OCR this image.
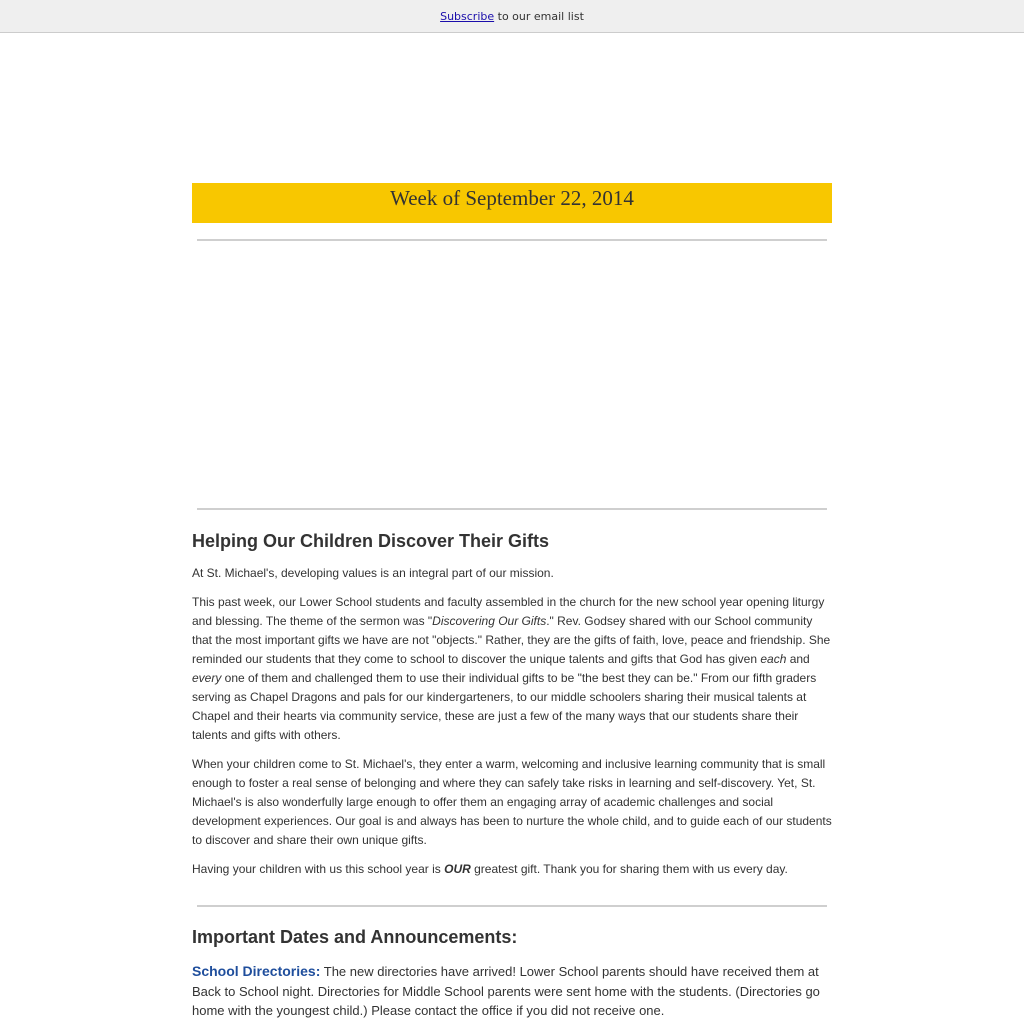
Subscribe to our email list
Week of September 22, 2014
Helping Our Children Discover Their Gifts

At St. Michael's, developing values is an integral part of our mission.

This past week, our Lower School students and faculty assembled in the church for the new school year opening liturgy and blessing. The theme of the sermon was "Discovering Our Gifts." Rev. Godsey shared with our School community that the most important gifts we have are not "objects." Rather, they are the gifts of faith, love, peace and friendship. She reminded our students that they come to school to discover the unique talents and gifts that God has given each and every one of them and challenged them to use their individual gifts to be "the best they can be." From our fifth graders serving as Chapel Dragons and pals for our kindergarteners, to our middle schoolers sharing their musical talents at Chapel and their hearts via community service, these are just a few of the many ways that our students share their talents and gifts with others.

When your children come to St. Michael's, they enter a warm, welcoming and inclusive learning community that is small enough to foster a real sense of belonging and where they can safely take risks in learning and self-discovery. Yet, St. Michael's is also wonderfully large enough to offer them an engaging array of academic challenges and social development experiences. Our goal is and always has been to nurture the whole child, and to guide each of our students to discover and share their own unique gifts.

Having your children with us this school year is OUR greatest gift. Thank you for sharing them with us every day.

Important Dates and Announcements:

School Directories: The new directories have arrived! Lower School parents should have received them at Back to School night. Directories for Middle School parents were sent home with the students. (Directories go home with the youngest child.) Please contact the office if you did not receive one.
